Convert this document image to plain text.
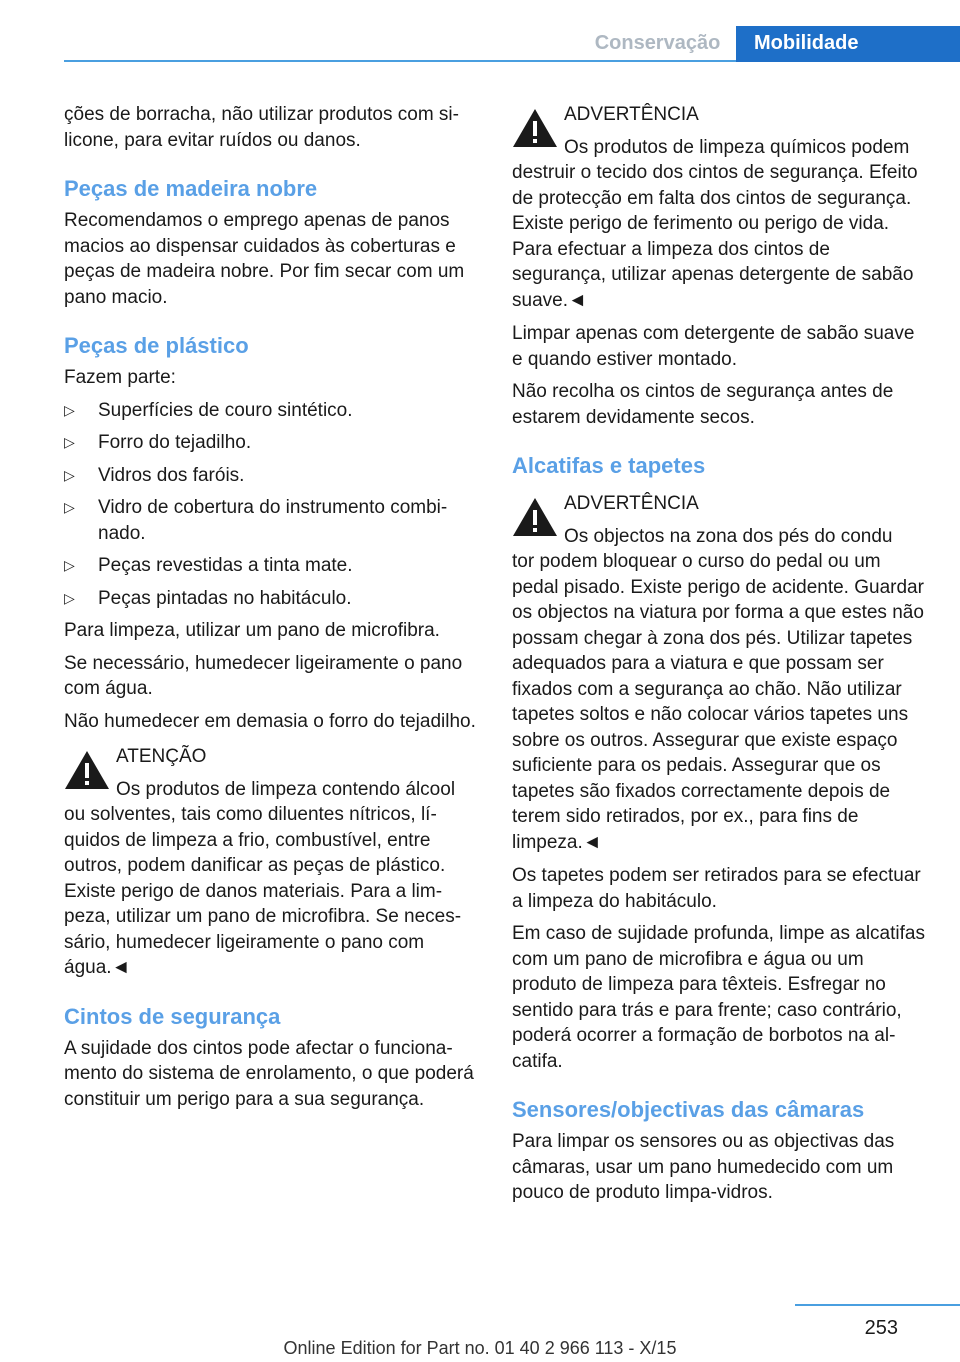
Conservação	Mobilidade

ções de borracha, não utilizar produtos com silicone, para evitar ruídos ou danos.

Peças de madeira nobre

Recomendamos o emprego apenas de panos macios ao dispensar cuidados às coberturas e peças de madeira nobre. Por fim secar com um pano macio.

Peças de plástico

Fazem parte:

▷ Superfícies de couro sintético.
▷ Forro do tejadilho.
▷ Vidros dos faróis.
▷ Vidro de cobertura do instrumento combinado.
▷ Peças revestidas a tinta mate.
▷ Peças pintadas no habitáculo.

Para limpeza, utilizar um pano de microfibra.

Se necessário, humedecer ligeiramente o pano com água.

Não humedecer em demasia o forro do tejadilho.

ATENÇÃO
Os produtos de limpeza contendo álcool
ou solventes, tais como diluentes nítricos, líquidos de limpeza a frio, combustível, entre outros, podem danificar as peças de plástico. Existe perigo de danos materiais. Para a limpeza, utilizar um pano de microfibra. Se necessário, humedecer ligeiramente o pano com água.◄
Cintos de segurança

A sujidade dos cintos pode afectar o funcionamento do sistema de enrolamento, o que poderá constituir um perigo para a sua segurança.

ADVERTÊNCIA
Os produtos de limpeza químicos podem
destruir o tecido dos cintos de segurança. Efeito de protecção em falta dos cintos de segurança. Existe perigo de ferimento ou perigo de vida. Para efectuar a limpeza dos cintos de segurança, utilizar apenas detergente de sabão suave.◄

Limpar apenas com detergente de sabão suave e quando estiver montado.

Não recolha os cintos de segurança antes de estarem devidamente secos.

Alcatifas e tapetes
ADVERTÊNCIA
Os objectos na zona dos pés do condu
tor podem bloquear o curso do pedal ou um pedal pisado. Existe perigo de acidente. Guardar os objectos na viatura por forma a que estes não possam chegar à zona dos pés. Utilizar tapetes adequados para a viatura e que possam ser fixados com a segurança ao chão. Não utilizar tapetes soltos e não colocar vários tapetes uns sobre os outros. Assegurar que existe espaço suficiente para os pedais. Assegurar que os tapetes são fixados correctamente depois de terem sido retirados, por ex., para fins de limpeza.◄

Os tapetes podem ser retirados para se efectuar a limpeza do habitáculo.

Em caso de sujidade profunda, limpe as alcatifas com um pano de microfibra e água ou um produto de limpeza para têxteis. Esfregar no sentido para trás e para frente; caso contrário, poderá ocorrer a formação de borbotos na alcatifa.

Sensores/objectivas das câmaras

Para limpar os sensores ou as objectivas das câmaras, usar um pano humedecido com um pouco de produto limpa-vidros.

253
Online Edition for Part no. 01 40 2 966 113 - X/15
